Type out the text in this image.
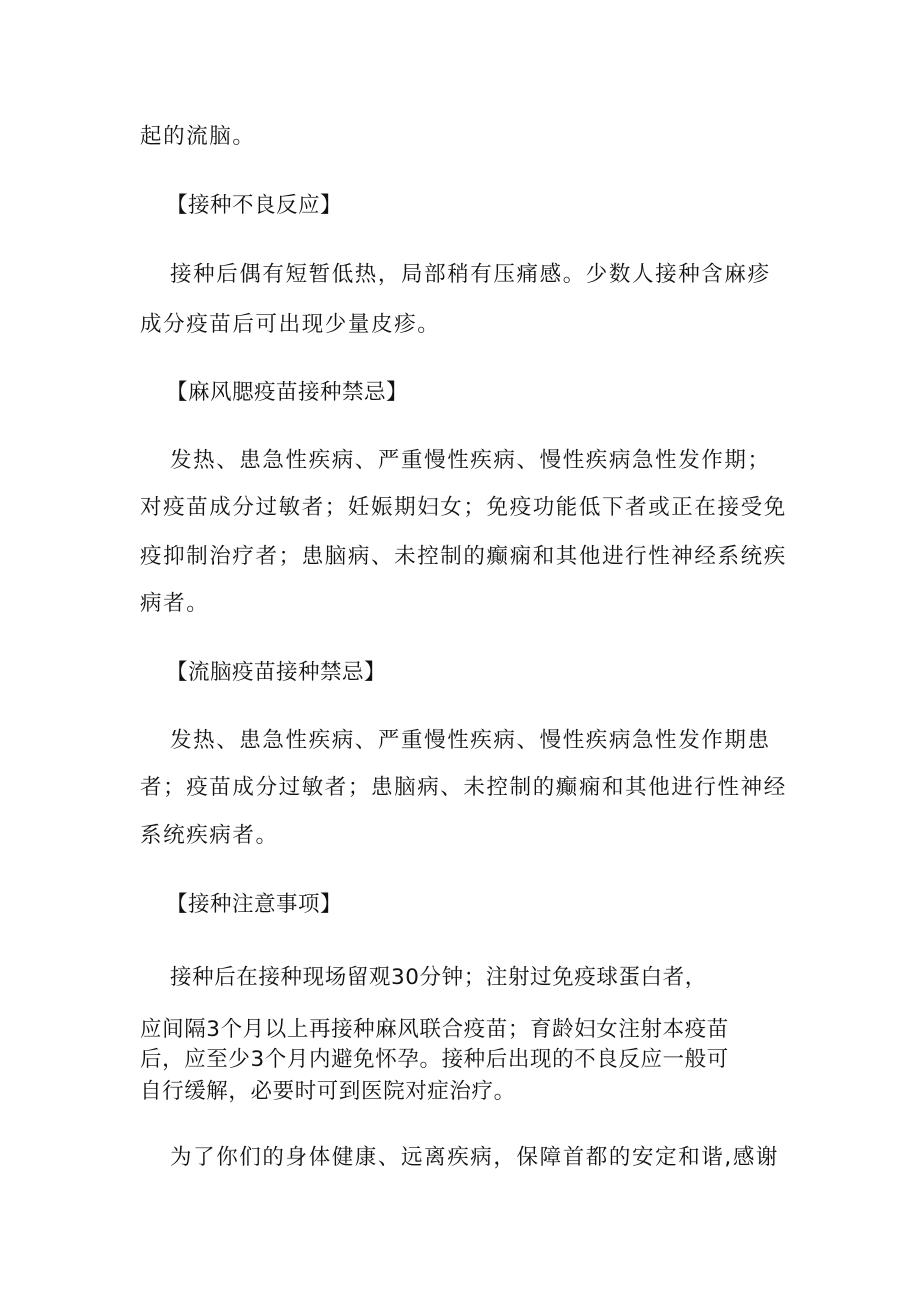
起的流脑。
【接种不良反应】
接种后偶有短暂低热，局部稍有压痛感。少数人接种含麻疹
成分疫苗后可出现少量皮疹。
【麻风腮疫苗接种禁忌】
发热、患急性疾病、严重慢性疾病、慢性疾病急性发作期；
对疫苗成分过敏者；妊娠期妇女；免疫功能低下者或正在接受免
疫抑制治疗者；患脑病、未控制的癫痫和其他进行性神经系统疾
病者。
【流脑疫苗接种禁忌】
发热、患急性疾病、严重慢性疾病、慢性疾病急性发作期患
者；疫苗成分过敏者；患脑病、未控制的癫痫和其他进行性神经
系统疾病者。
【接种注意事项】
接种后在接种现场留观30分钟；注射过免疫球蛋白者，
应间隔3个月以上再接种麻风联合疫苗；育龄妇女注射本疫苗
后，应至少3个月内避免怀孕。接种后出现的不良反应一般可
自行缓解，必要时可到医院对症治疗。
为了你们的身体健康、远离疾病，保障首都的安定和谐,感谢
